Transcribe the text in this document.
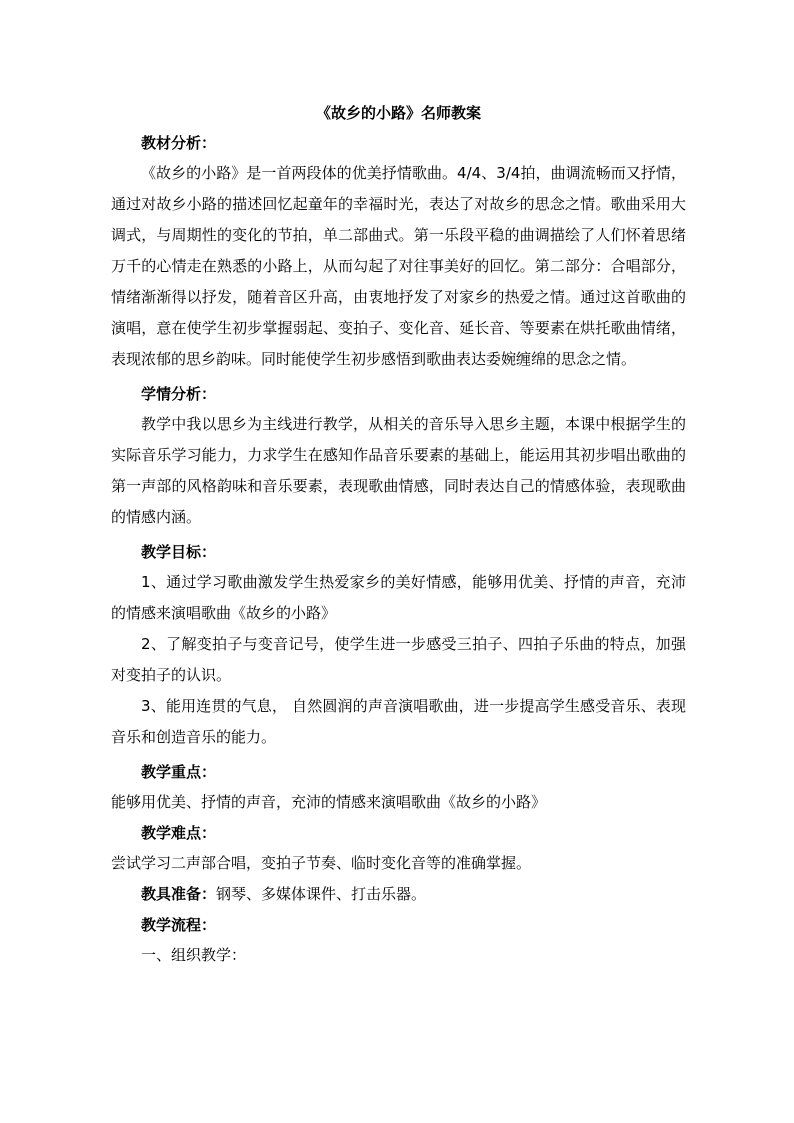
《故乡的小路》名师教案
教材分析：

《故乡的小路》是一首两段体的优美抒情歌曲。4/4、3/4拍，曲调流畅而又抒情，通过对故乡小路的描述回忆起童年的幸福时光，表达了对故乡的思念之情。歌曲采用大调式，与周期性的变化的节拍，单二部曲式。第一乐段平稳的曲调描绘了人们怀着思绪万千的心情走在熟悉的小路上，从而勾起了对往事美好的回忆。第二部分：合唱部分，情绪渐渐得以抒发，随着音区升高，由衷地抒发了对家乡的热爱之情。通过这首歌曲的演唱，意在使学生初步掌握弱起、变拍子、变化音、延长音、等要素在烘托歌曲情绪，表现浓郁的思乡韵味。同时能使学生初步感悟到歌曲表达委婉缠绵的思念之情。

学情分析：

教学中我以思乡为主线进行教学，从相关的音乐导入思乡主题，本课中根据学生的实际音乐学习能力，力求学生在感知作品音乐要素的基础上，能运用其初步唱出歌曲的第一声部的风格韵味和音乐要素，表现歌曲情感，同时表达自己的情感体验，表现歌曲的情感内涵。

教学目标：

1、通过学习歌曲激发学生热爱家乡的美好情感，能够用优美、抒情的声音，充沛的情感来演唱歌曲《故乡的小路》

2、了解变拍子与变音记号，使学生进一步感受三拍子、四拍子乐曲的特点，加强对变拍子的认识。

3、能用连贯的气息， 自然圆润的声音演唱歌曲，进一步提高学生感受音乐、表现音乐和创造音乐的能力。

教学重点：

能够用优美、抒情的声音，充沛的情感来演唱歌曲《故乡的小路》

教学难点：

尝试学习二声部合唱，变拍子节奏、临时变化音等的准确掌握。

教具准备：钢琴、多媒体课件、打击乐器。

教学流程：

一、组织教学：
